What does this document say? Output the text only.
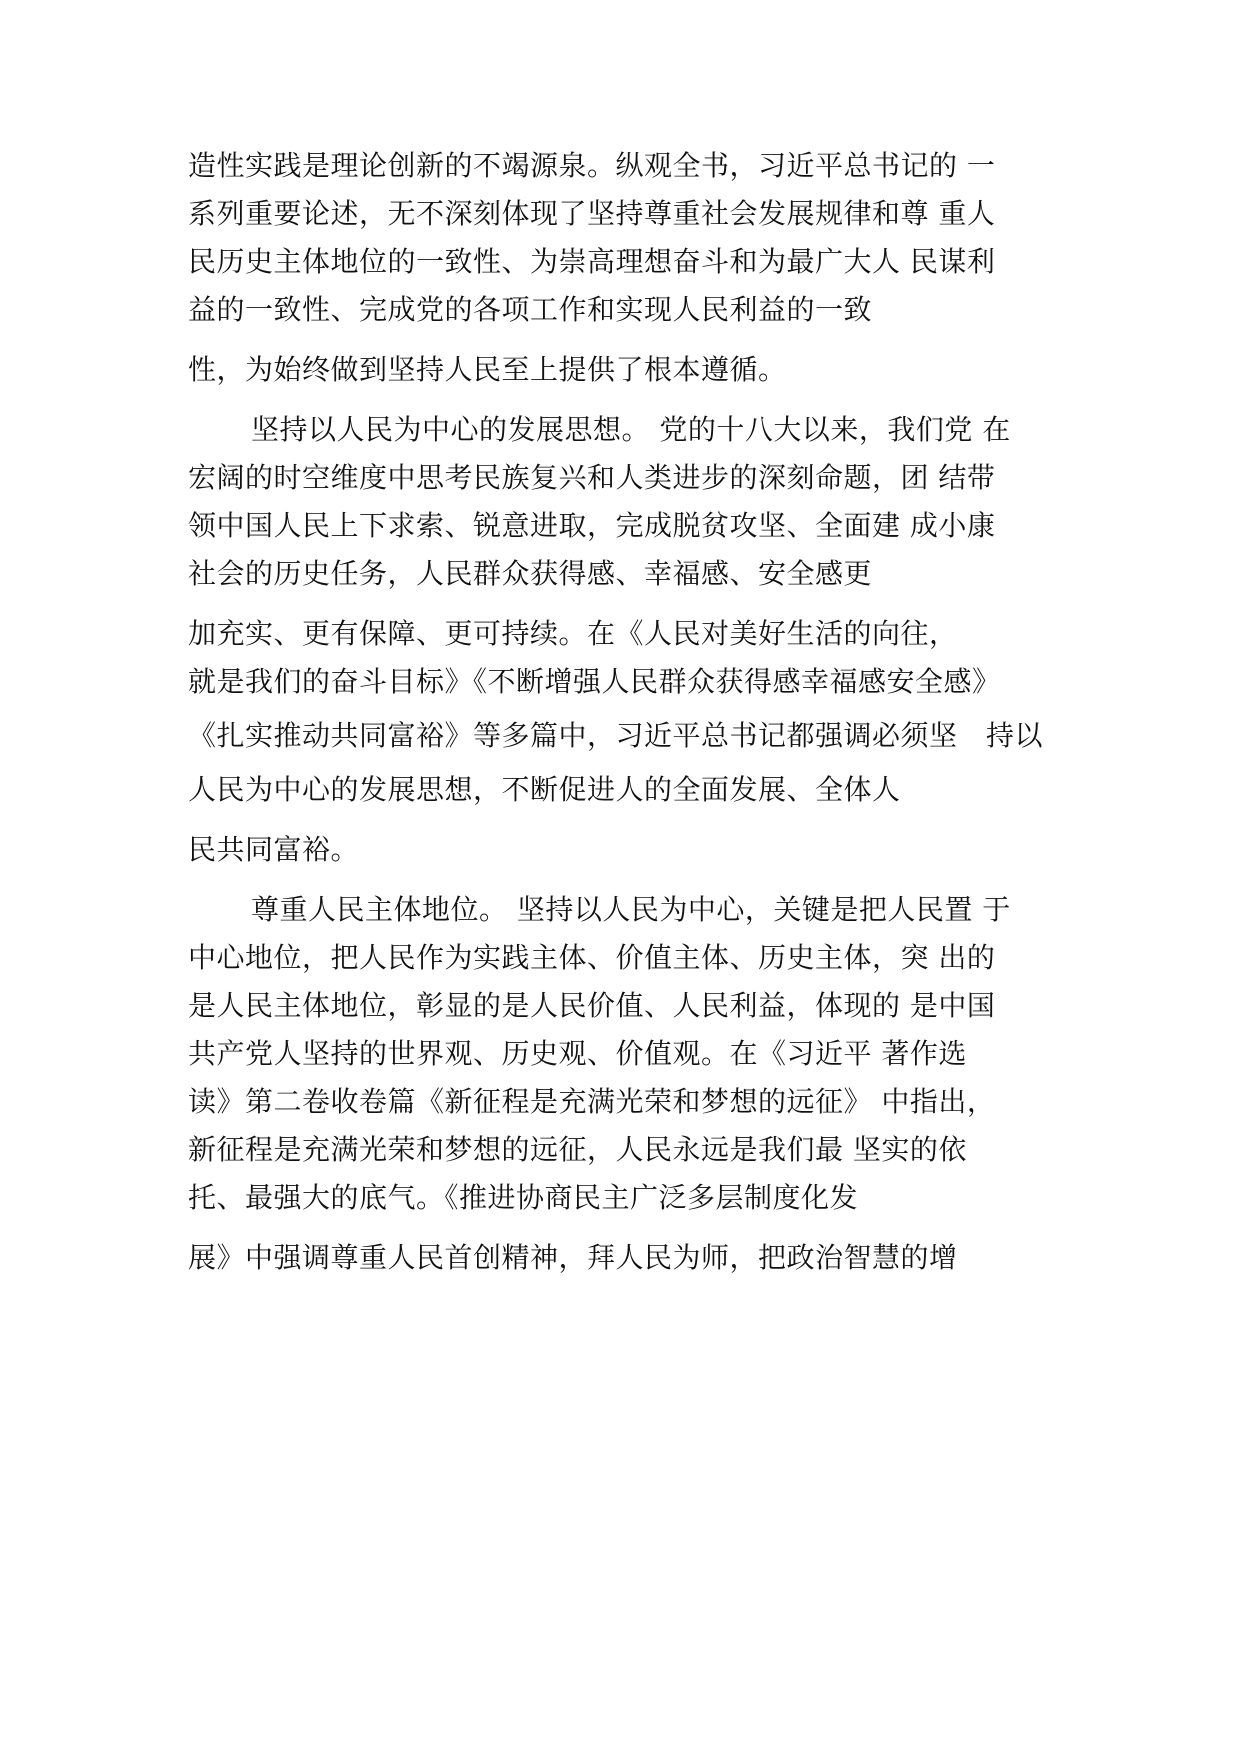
造性实践是理论创新的不竭源泉。纵观全书，习近平总书记的 一
系列重要论述，无不深刻体现了坚持尊重社会发展规律和尊 重人
民历史主体地位的一致性、为崇高理想奋斗和为最广大人 民谋利
益的一致性、完成党的各项工作和实现人民利益的一致
性，为始终做到坚持人民至上提供了根本遵循。
坚持以人民为中心的发展思想。 党的十八大以来，我们党 在
宏阔的时空维度中思考民族复兴和人类进步的深刻命题，团 结带
领中国人民上下求索、锐意进取，完成脱贫攻坚、全面建 成小康
社会的历史任务，人民群众获得感、幸福感、安全感更
加充实、更有保障、更可持续。在《人民对美好生活的向往，
就是我们的奋斗目标》《不断增强人民群众获得感幸福感安全感》
《扎实推动共同富裕》等多篇中，习近平总书记都强调必须坚　持以
人民为中心的发展思想，不断促进人的全面发展、全体人
民共同富裕。
尊重人民主体地位。 坚持以人民为中心，关键是把人民置 于
中心地位，把人民作为实践主体、价值主体、历史主体，突 出的
是人民主体地位，彰显的是人民价值、人民利益，体现的 是中国
共产党人坚持的世界观、历史观、价值观。在《习近平 著作选
读》第二卷收卷篇《新征程是充满光荣和梦想的远征》 中指出，
新征程是充满光荣和梦想的远征，人民永远是我们最 坚实的依
托、最强大的底气。《推进协商民主广泛多层制度化发
展》中强调尊重人民首创精神，拜人民为师，把政治智慧的增
